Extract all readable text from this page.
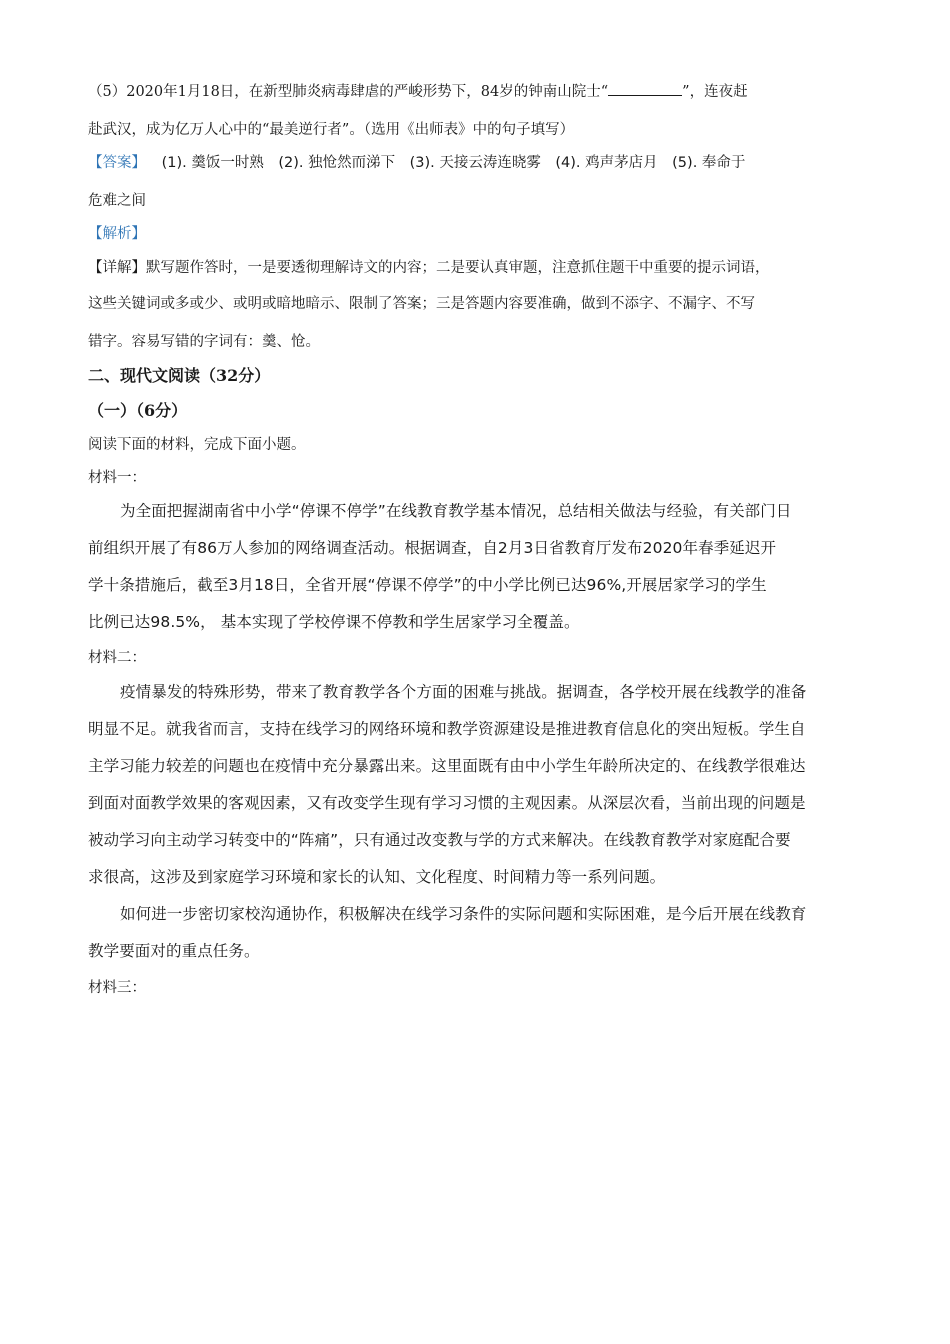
（5）2020年1月18日，在新型肺炎病毒肆虐的严峻形势下，84岁的钟南山院士“	”，连夜赶
赴武汉，成为亿万人心中的“最美逆行者”。（选用《出师表》中的句子填写）
【答案】 (1). 羹饭一时熟　(2). 独怆然而涕下　(3). 天接云涛连晓雾　(4). 鸡声茅店月　(5). 奉命于
危难之间
【解析】
【详解】默写题作答时，一是要透彻理解诗文的内容；二是要认真审题，注意抓住题干中重要的提示词语，
这些关键词或多或少、或明或暗地暗示、限制了答案；三是答题内容要准确，做到不添字、不漏字、不写
错字。容易写错的字词有：羹、怆。
二、现代文阅读（32分）
（一）（6分）
阅读下面的材料，完成下面小题。
材料一：
为全面把握湖南省中小学“停课不停学”在线教育教学基本情况，总结相关做法与经验，有关部门日
前组织开展了有86万人参加的网络调查活动。根据调查，自2月3日省教育厅发布2020年春季延迟开
学十条措施后，截至3月18日，全省开展“停课不停学”的中小学比例已达96%,开展居家学习的学生
比例已达98.5%， 基本实现了学校停课不停教和学生居家学习全覆盖。
材料二：
疫情暴发的特殊形势，带来了教育教学各个方面的困难与挑战。据调查，各学校开展在线教学的准备
明显不足。就我省而言，支持在线学习的网络环境和教学资源建设是推进教育信息化的突出短板。学生自
主学习能力较差的问题也在疫情中充分暴露出来。这里面既有由中小学生年龄所决定的、在线教学很难达
到面对面教学效果的客观因素，又有改变学生现有学习习惯的主观因素。从深层次看，当前出现的问题是
被动学习向主动学习转变中的“阵痛”，只有通过改变教与学的方式来解决。在线教育教学对家庭配合要
求很高，这涉及到家庭学习环境和家长的认知、文化程度、时间精力等一系列问题。
如何进一步密切家校沟通协作，积极解决在线学习条件的实际问题和实际困难，是今后开展在线教育
教学要面对的重点任务。
材料三：
